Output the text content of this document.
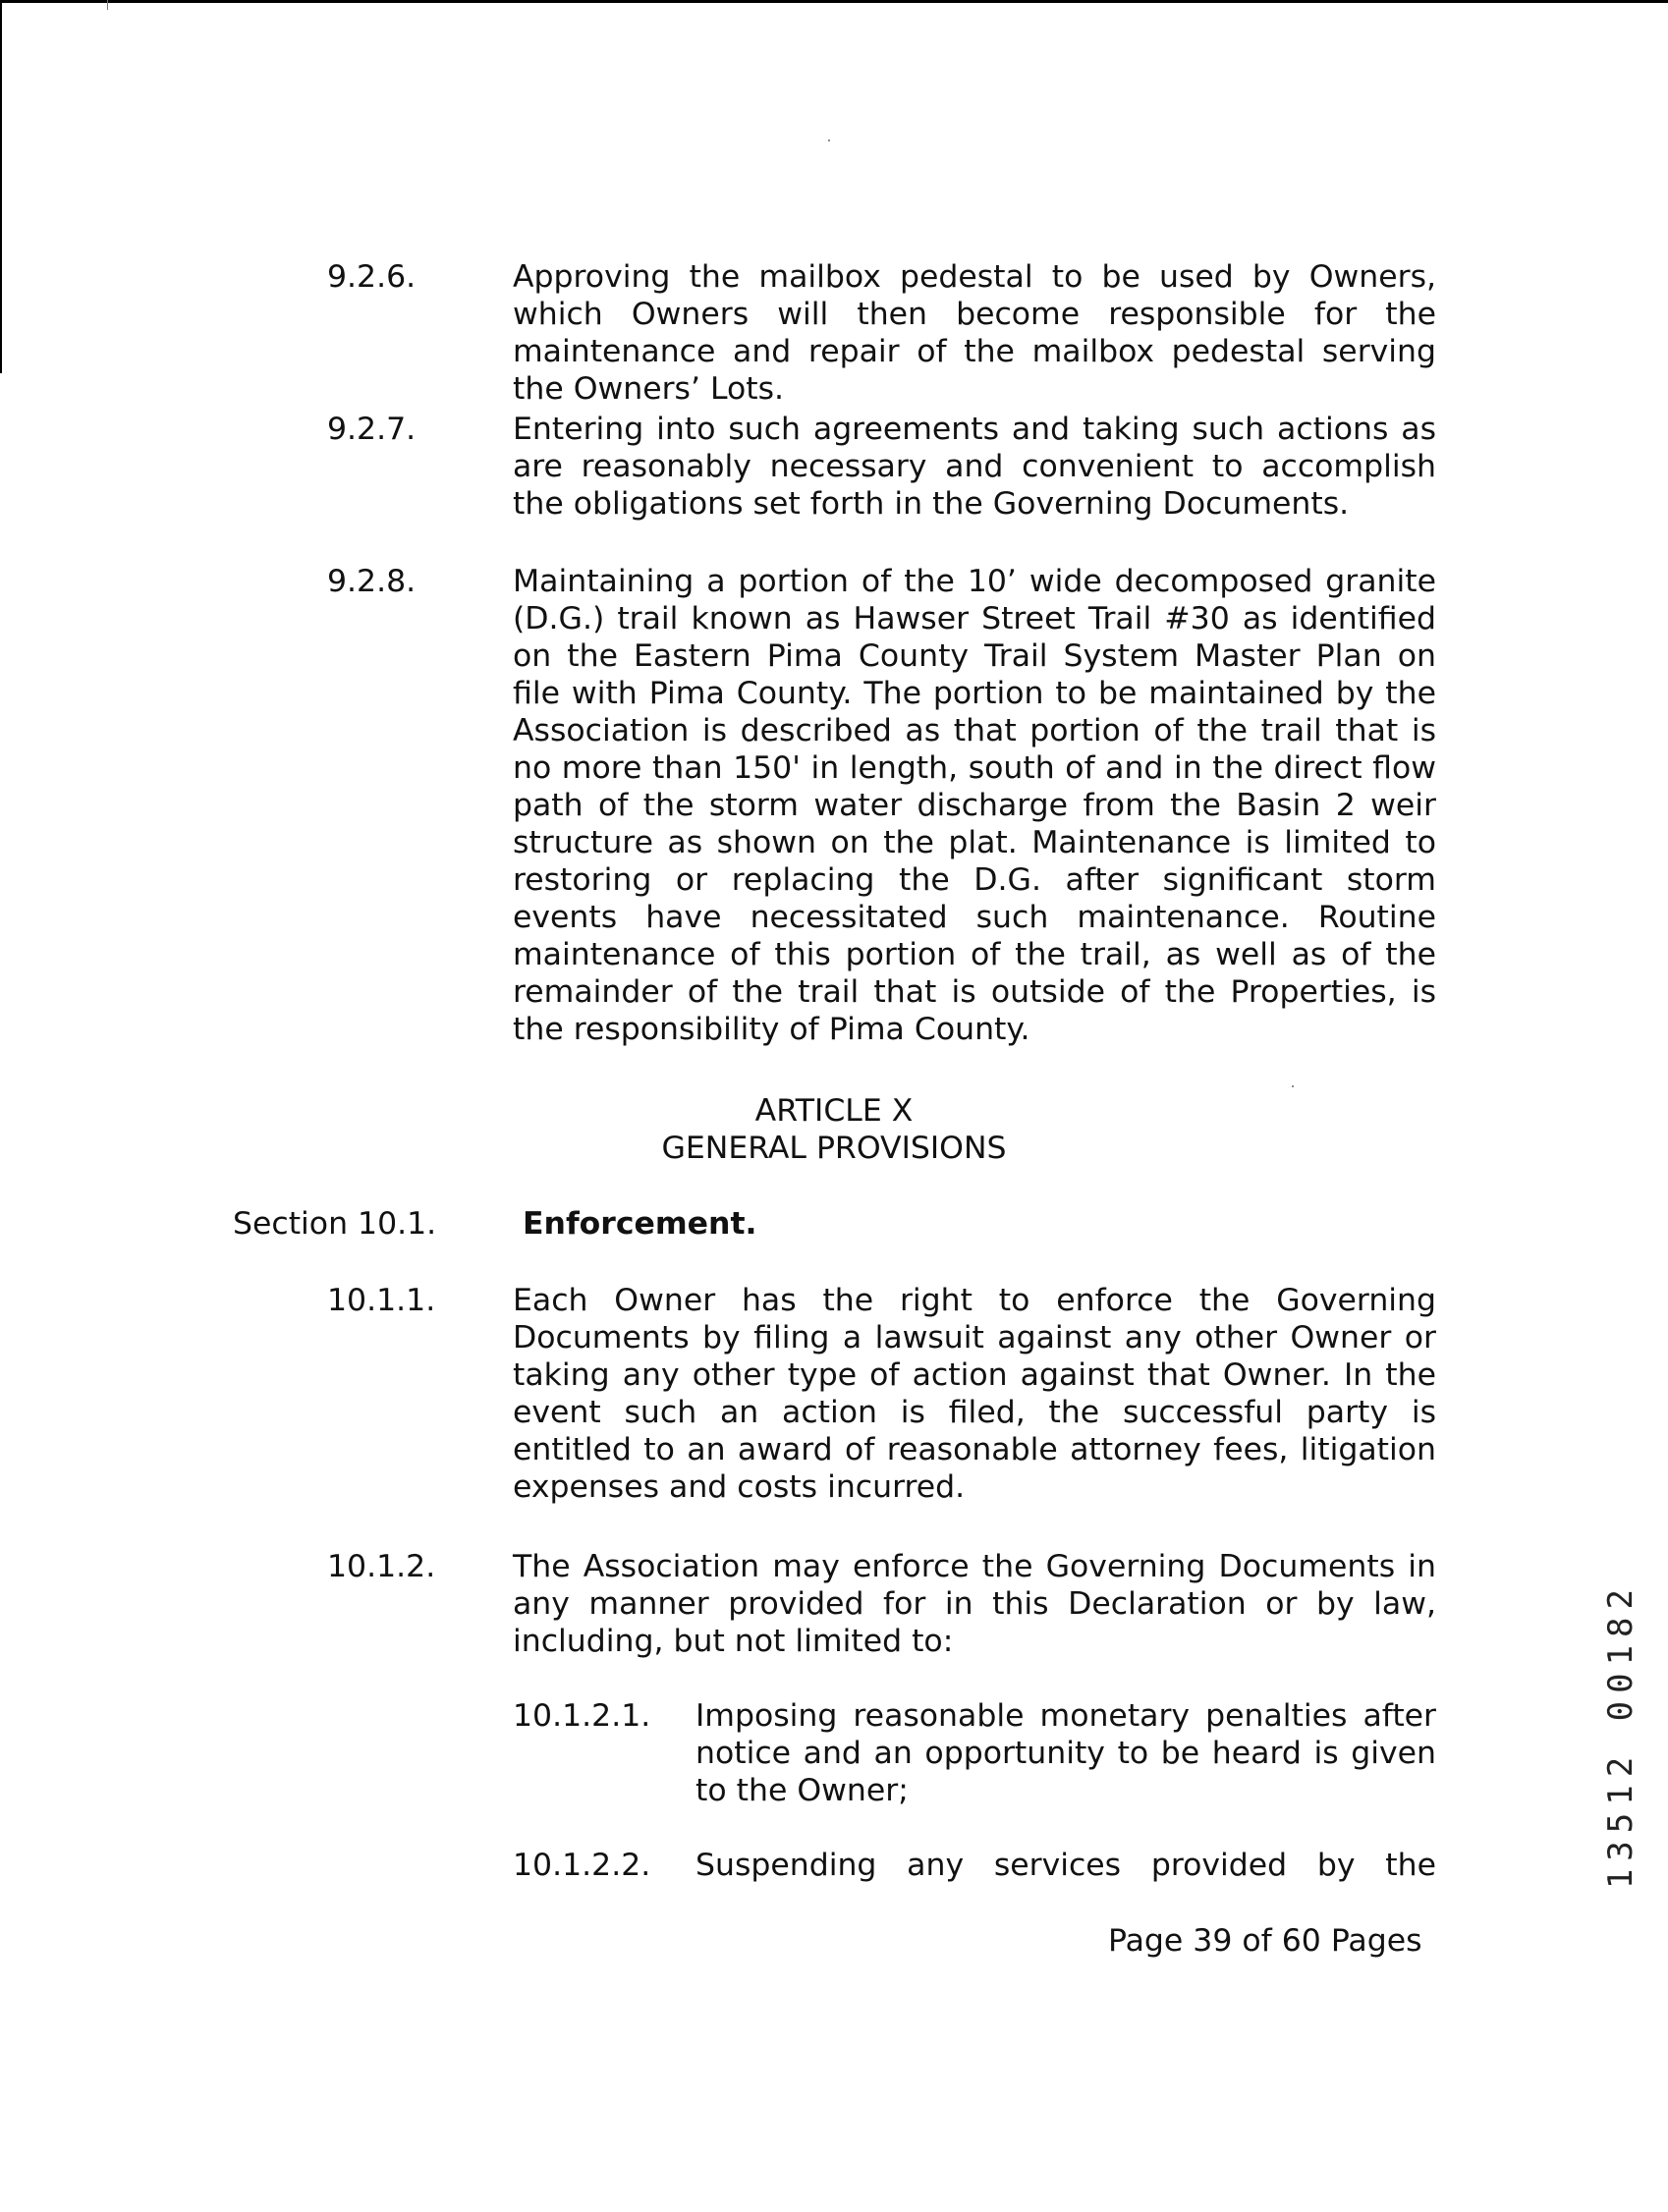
9.2.6.	Approving the mailbox pedestal to be used by Owners, which Owners will then become responsible for the maintenance and repair of the mailbox pedestal serving the Owners’ Lots.
9.2.7.	Entering into such agreements and taking such actions as are reasonably necessary and convenient to accomplish the obligations set forth in the Governing Documents.
9.2.8.	Maintaining a portion of the 10’ wide decomposed granite (D.G.) trail known as Hawser Street Trail #30 as identified on the Eastern Pima County Trail System Master Plan on file with Pima County. The portion to be maintained by the Association is described as that portion of the trail that is no more than 150' in length, south of and in the direct flow path of the storm water discharge from the Basin 2 weir structure as shown on the plat. Maintenance is limited to restoring or replacing the D.G. after significant storm events have necessitated such maintenance. Routine maintenance of this portion of the trail, as well as of the remainder of the trail that is outside of the Properties, is the responsibility of Pima County.
ARTICLE X
GENERAL PROVISIONS
Section 10.1.	Enforcement.
10.1.1.	Each Owner has the right to enforce the Governing Documents by filing a lawsuit against any other Owner or taking any other type of action against that Owner. In the event such an action is filed, the successful party is entitled to an award of reasonable attorney fees, litigation expenses and costs incurred.
10.1.2.	The Association may enforce the Governing Documents in any manner provided for in this Declaration or by law, including, but not limited to:
10.1.2.1. Imposing reasonable monetary penalties after notice and an opportunity to be heard is given to the Owner;
10.1.2.2. Suspending any services provided by the
Page 39 of 60 Pages
13512 00182
